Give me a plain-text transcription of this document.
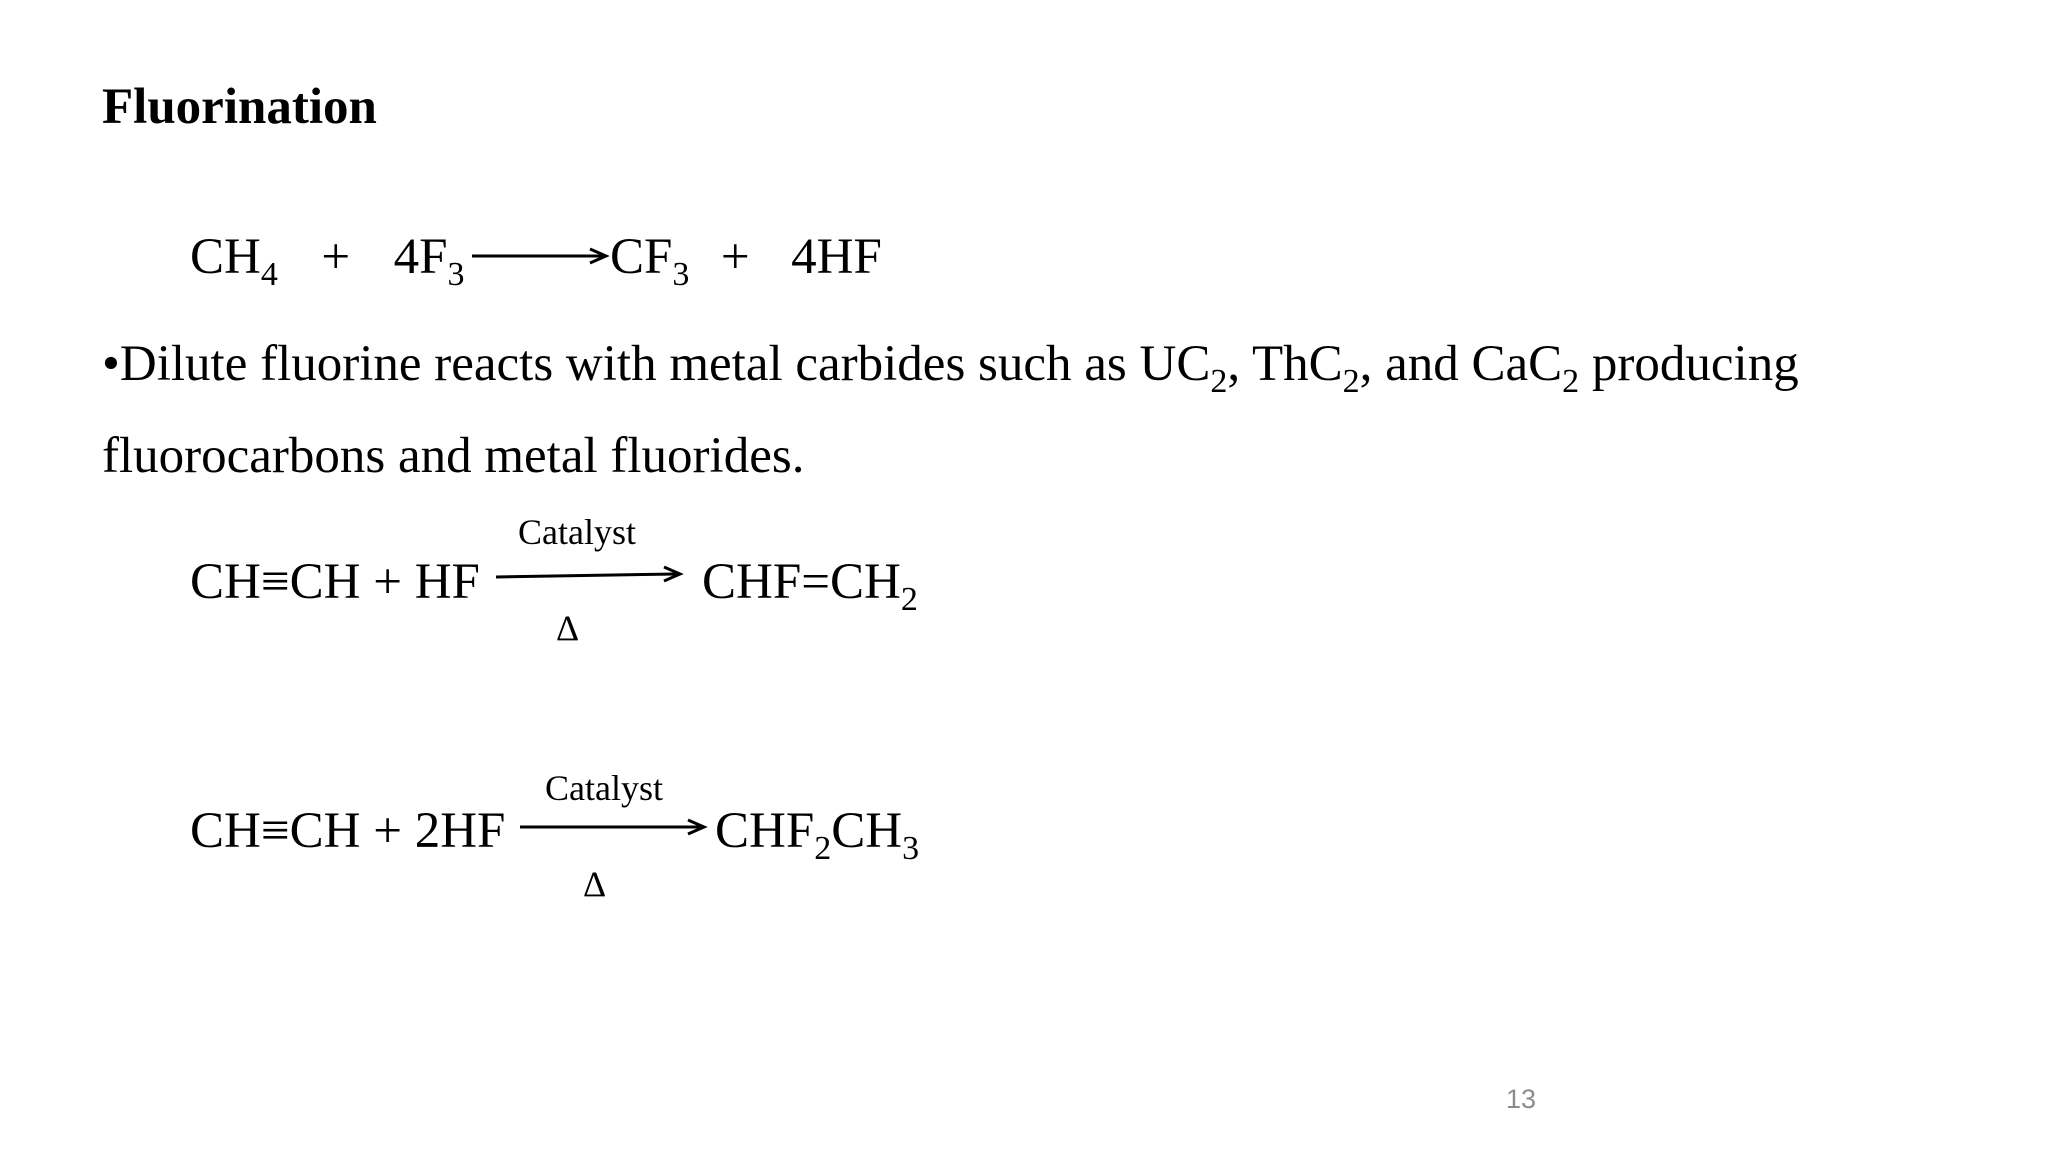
Fluorination
$CH_4 + 4F_3$	$CF_3 + 4HF$

•Dilute fluorine reacts with metal carbides such as $UC_2$, ThC$_2$, and CaC$_2$ producing fluorocarbons and metal fluorides.

CH≡CH + HF
Catalyst
Δ
$CHF=CH_2$
CH≡CH + 2HF
Catalyst
Δ
$CHF_2CH_3$
13
